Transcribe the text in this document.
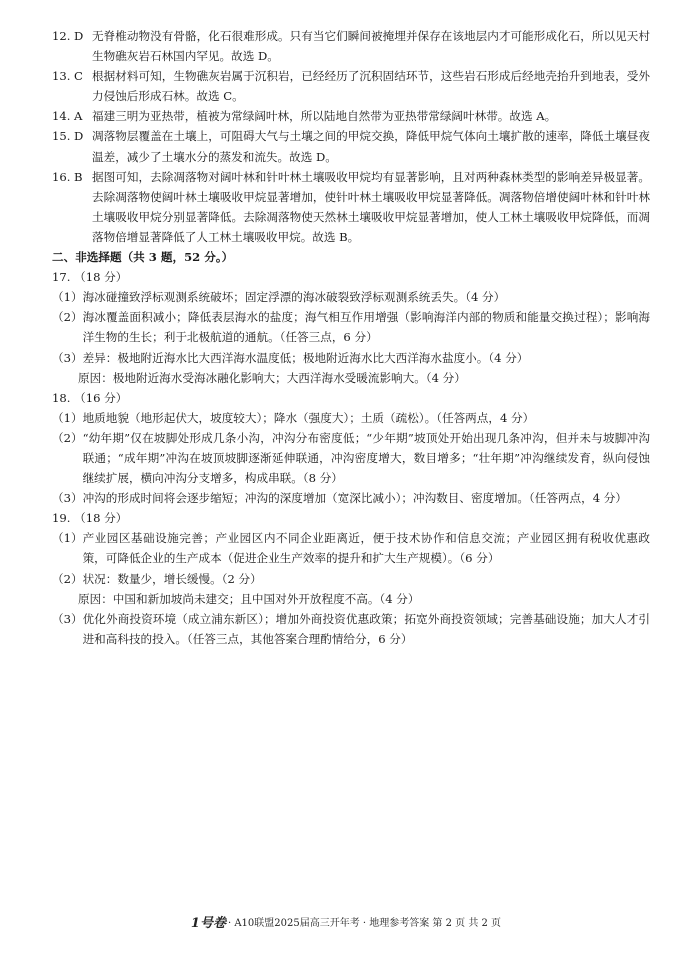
12. D 无脊椎动物没有骨骼，化石很难形成。只有当它们瞬间被掩埋并保存在该地层内才可能形成化石，所以见天村生物礁灰岩石林国内罕见。故选 D。
13. C 根据材料可知，生物礁灰岩属于沉积岩，已经经历了沉积固结环节，这些岩石形成后经地壳抬升到地表，受外力侵蚀后形成石林。故选 C。
14. A 福建三明为亚热带，植被为常绿阔叶林，所以陆地自然带为亚热带常绿阔叶林带。故选 A。
15. D 凋落物层覆盖在土壤上，可阻碍大气与土壤之间的甲烷交换，降低甲烷气体向土壤扩散的速率，降低土壤昼夜温差，减少了土壤水分的蒸发和流失。故选 D。
16. B 据图可知，去除凋落物对阔叶林和针叶林土壤吸收甲烷均有显著影响，且对两种森林类型的影响差异极显著。去除凋落物使阔叶林土壤吸收甲烷显著增加，使针叶林土壤吸收甲烷显著降低。凋落物倍增使阔叶林和针叶林土壤吸收甲烷分别显著降低。去除凋落物使天然林土壤吸收甲烷显著增加，使人工林土壤吸收甲烷降低，而凋落物倍增显著降低了人工林土壤吸收甲烷。故选 B。
二、非选择题（共 3 题，52 分。）
17. （18 分）
（1） 海冰碰撞致浮标观测系统破坏；固定浮漂的海冰破裂致浮标观测系统丢失。（4 分）
（2） 海冰覆盖面积减小；降低表层海水的盐度；海气相互作用增强（影响海洋内部的物质和能量交换过程）；影响海洋生物的生长；利于北极航道的通航。（任答三点，6 分）
（3） 差异：极地附近海水比大西洋海水温度低；极地附近海水比大西洋海水盐度小。（4 分）
原因：极地附近海水受海冰融化影响大；大西洋海水受暖流影响大。（4 分）
18. （16 分）
（1） 地质地貌（地形起伏大，坡度较大）；降水（强度大）；土质（疏松）。（任答两点，4 分）
（2） “幼年期”仅在坡脚处形成几条小沟，冲沟分布密度低；“少年期”坡顶处开始出现几条冲沟，但并未与坡脚冲沟联通；“成年期”冲沟在坡顶坡脚逐渐延伸联通，冲沟密度增大，数目增多；“壮年期”冲沟继续发育，纵向侵蚀继续扩展，横向冲沟分支增多，构成串联。（8 分）
（3） 冲沟的形成时间将会逐步缩短；冲沟的深度增加（宽深比减小）；冲沟数目、密度增加。（任答两点，4 分）
19. （18 分）
（1） 产业园区基础设施完善；产业园区内不同企业距离近，便于技术协作和信息交流；产业园区拥有税收优惠政策，可降低企业的生产成本（促进企业生产效率的提升和扩大生产规模）。（6 分）
（2） 状况：数量少，增长缓慢。（2 分）
原因：中国和新加坡尚未建交；且中国对外开放程度不高。（4 分）
（3） 优化外商投资环境（成立浦东新区）；增加外商投资优惠政策；拓宽外商投资领域；完善基础设施；加大人才引进和高科技的投入。（任答三点，其他答案合理酌情给分，6 分）
1号卷 · A10联盟2025届高三开年考 · 地理参考答案 第 2 页 共 2 页
